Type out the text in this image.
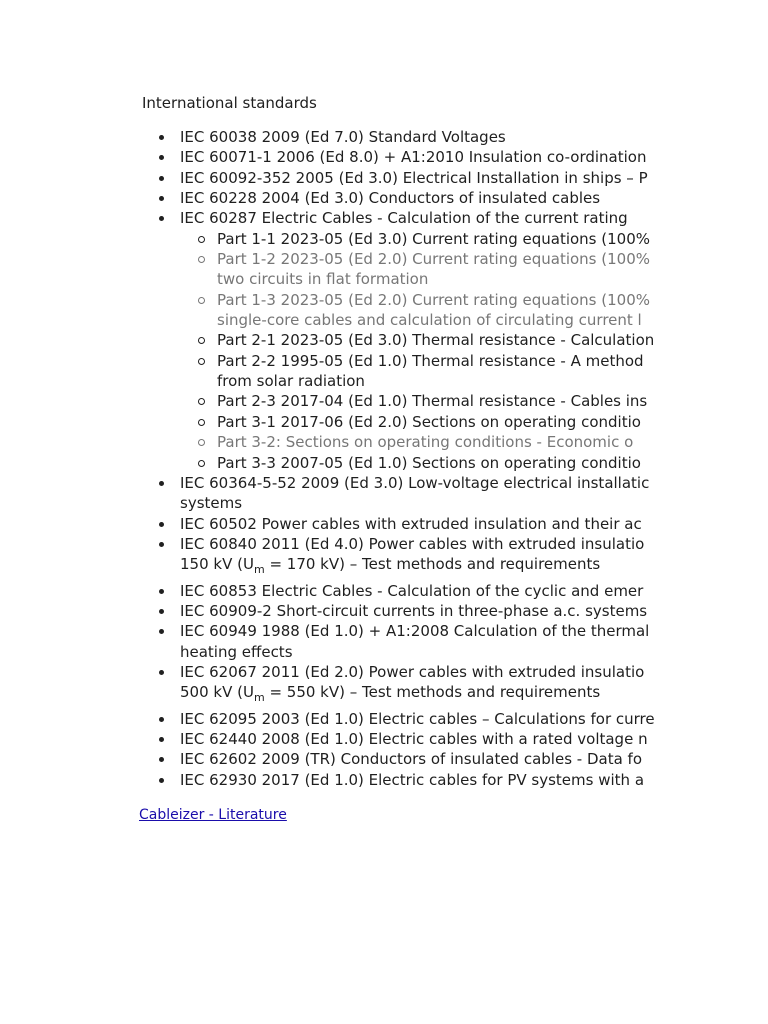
International standards
IEC 60038 2009 (Ed 7.0) Standard Voltages
IEC 60071-1 2006 (Ed 8.0) + A1:2010 Insulation co-ordination
IEC 60092-352 2005 (Ed 3.0) Electrical Installation in ships – P
IEC 60228 2004 (Ed 3.0) Conductors of insulated cables
IEC 60287 Electric Cables - Calculation of the current rating
Part 1-1 2023-05 (Ed 3.0) Current rating equations (100%
Part 1-2 2023-05 (Ed 2.0) Current rating equations (100%
two circuits in flat formation
Part 1-3 2023-05 (Ed 2.0) Current rating equations (100%
single-core cables and calculation of circulating current l
Part 2-1 2023-05 (Ed 3.0) Thermal resistance - Calculation
Part 2-2 1995-05 (Ed 1.0) Thermal resistance - A method
from solar radiation
Part 2-3 2017-04 (Ed 1.0) Thermal resistance - Cables ins
Part 3-1 2017-06 (Ed 2.0) Sections on operating conditio
Part 3-2: Sections on operating conditions - Economic o
Part 3-3 2007-05 (Ed 1.0) Sections on operating conditio
IEC 60364-5-52 2009 (Ed 3.0) Low-voltage electrical installatic
systems
IEC 60502 Power cables with extruded insulation and their ac
IEC 60840 2011 (Ed 4.0) Power cables with extruded insulatio
150 kV ($U_m = 170$ kV) – Test methods and requirements
IEC 60853 Electric Cables - Calculation of the cyclic and emer
IEC 60909-2 Short-circuit currents in three-phase a.c. systems
IEC 60949 1988 (Ed 1.0) + A1:2008 Calculation of the thermal
heating effects
IEC 62067 2011 (Ed 2.0) Power cables with extruded insulatio
500 kV ($U_m = 550$ kV) – Test methods and requirements
IEC 62095 2003 (Ed 1.0) Electric cables – Calculations for curre
IEC 62440 2008 (Ed 1.0) Electric cables with a rated voltage n
IEC 62602 2009 (TR) Conductors of insulated cables - Data fo
IEC 62930 2017 (Ed 1.0) Electric cables for PV systems with a
Cableizer - Literature
